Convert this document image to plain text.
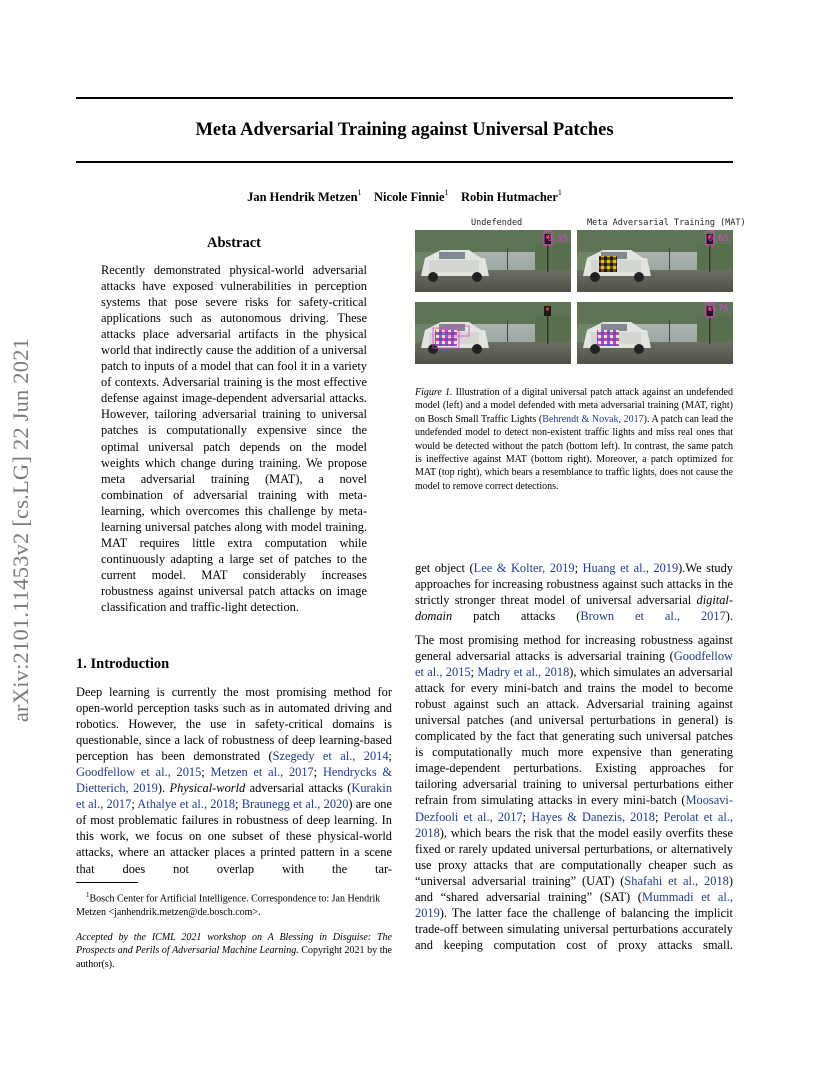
Meta Adversarial Training against Universal Patches
Jan Hendrik Metzen$^1$ Nicole Finnie$^1$ Robin Hutmacher$^1$
arXiv:2101.11453v2 [cs.LG] 22 Jun 2021
Abstract
Recently demonstrated physical-world adversarial attacks have exposed vulnerabilities in perception systems that pose severe risks for safety-critical applications such as autonomous driving. These attacks place adversarial artifacts in the physical world that indirectly cause the addition of a universal patch to inputs of a model that can fool it in a variety of contexts. Adversarial training is the most effective defense against image-dependent adversarial attacks. However, tailoring adversarial training to universal patches is computationally expensive since the optimal universal patch depends on the model weights which change during training. We propose meta adversarial training (MAT), a novel combination of adversarial training with meta-learning, which overcomes this challenge by meta-learning universal patches along with model training. MAT requires little extra computation while continuously adapting a large set of patches to the current model. MAT considerably increases robustness against universal patch attacks on image classification and traffic-light detection.
1. Introduction

Deep learning is currently the most promising method for open-world perception tasks such as in automated driving and robotics. However, the use in safety-critical domains is questionable, since a lack of robustness of deep learning-based perception has been demonstrated (Szegedy et al., 2014; Goodfellow et al., 2015; Metzen et al., 2017; Hendrycks & Dietterich, 2019). Physical-world adversarial attacks (Kurakin et al., 2017; Athalye et al., 2018; Braunegg et al., 2020) are one of most problematic failures in robustness of deep learning. In this work, we focus on one subset of these physical-world attacks, where an attacker places a printed pattern in a scene that does not overlap with the tar-

$^1$Bosch Center for Artificial Intelligence. Correspondence to: Jan Hendrik Metzen <janhendrik.metzen@de.bosch.com>.
Accepted by the ICML 2021 workshop on A Blessing in Disguise: The Prospects and Perils of Adversarial Machine Learning. Copyright 2021 by the author(s).
Undefended	Meta Adversarial Training (MAT)
0.35	0.65
0.76
Figure 1. Illustration of a digital universal patch attack against an undefended model (left) and a model defended with meta adversarial training (MAT, right) on Bosch Small Traffic Lights (Behrendt & Novak, 2017). A patch can lead the undefended model to detect non-existent traffic lights and miss real ones that would be detected without the patch (bottom left). In contrast, the same patch is ineffective against MAT (bottom right). Moreover, a patch optimized for MAT (top right), which bears a resemblance to traffic lights, does not cause the model to remove correct detections.

get object (Lee & Kolter, 2019; Huang et al., 2019).We study approaches for increasing robustness against such attacks in the strictly stronger threat model of universal adversarial digital-domain patch attacks (Brown et al., 2017).

The most promising method for increasing robustness against general adversarial attacks is adversarial training (Goodfellow et al., 2015; Madry et al., 2018), which simulates an adversarial attack for every mini-batch and trains the model to become robust against such an attack. Adversarial training against universal patches (and universal perturbations in general) is complicated by the fact that generating such universal patches is computationally much more expensive than generating image-dependent perturbations. Existing approaches for tailoring adversarial training to universal perturbations either refrain from simulating attacks in every mini-batch (Moosavi-Dezfooli et al., 2017; Hayes & Danezis, 2018; Perolat et al., 2018), which bears the risk that the model easily overfits these fixed or rarely updated universal perturbations, or alternatively use proxy attacks that are computationally cheaper such as “universal adversarial training” (UAT) (Shafahi et al., 2018) and “shared adversarial training” (SAT) (Mummadi et al., 2019). The latter face the challenge of balancing the implicit trade-off between simulating universal perturbations accurately and keeping computation cost of proxy attacks small.
